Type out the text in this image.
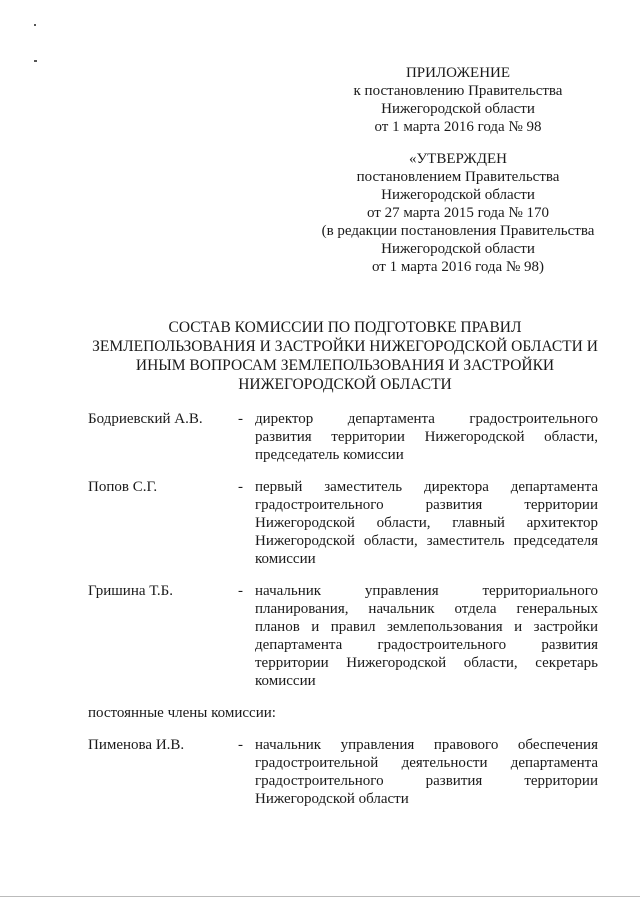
ПРИЛОЖЕНИЕ
к постановлению Правительства
Нижегородской области
от 1 марта 2016 года № 98
«УТВЕРЖДЕН
постановлением Правительства
Нижегородской области
от 27 марта 2015 года № 170
(в редакции постановления Правительства
Нижегородской области
от 1 марта 2016 года № 98)
СОСТАВ КОМИССИИ ПО ПОДГОТОВКЕ ПРАВИЛ
ЗЕМЛЕПОЛЬЗОВАНИЯ И ЗАСТРОЙКИ НИЖЕГОРОДСКОЙ ОБЛАСТИ И
ИНЫМ ВОПРОСАМ ЗЕМЛЕПОЛЬЗОВАНИЯ И ЗАСТРОЙКИ
НИЖЕГОРОДСКОЙ ОБЛАСТИ
Бодриевский А.В.	- директор департамента градостроительного
развития территории Нижегородской области,
председатель комиссии
Попов С.Г.	- первый заместитель директора департамента
градостроительного развития территории
Нижегородской области, главный архитектор
Нижегородской области, заместитель председателя
комиссии
Гришина Т.Б.	- начальник управления территориального
планирования, начальник отдела генеральных
планов и правил землепользования и застройки
департамента градостроительного развития
территории Нижегородской области, секретарь
комиссии
постоянные члены комиссии:
Пименова И.В.	- начальник управления правового обеспечения
градостроительной деятельности департамента
градостроительного развития территории
Нижегородской области
